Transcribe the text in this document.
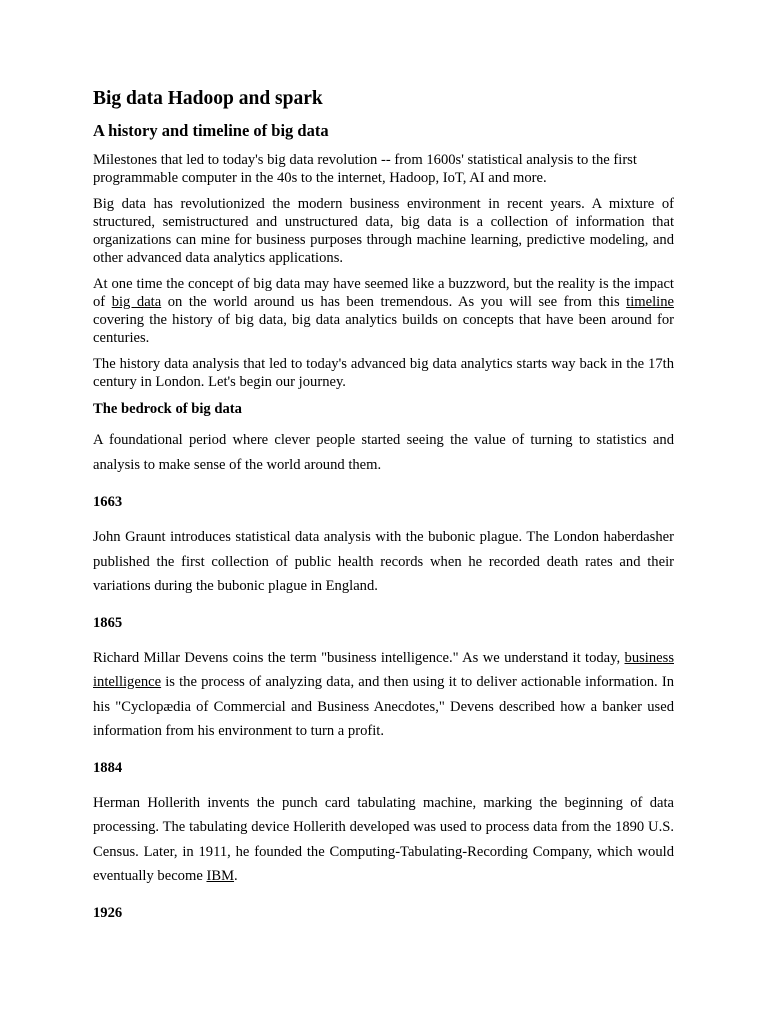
Big data Hadoop and spark
A history and timeline of big data

Milestones that led to today's big data revolution -- from 1600s' statistical analysis to the first programmable computer in the 40s to the internet, Hadoop, IoT, AI and more.

Big data has revolutionized the modern business environment in recent years. A mixture of structured, semistructured and unstructured data, big data is a collection of information that organizations can mine for business purposes through machine learning, predictive modeling, and other advanced data analytics applications.

At one time the concept of big data may have seemed like a buzzword, but the reality is the impact of big data on the world around us has been tremendous. As you will see from this timeline covering the history of big data, big data analytics builds on concepts that have been around for centuries.

The history data analysis that led to today's advanced big data analytics starts way back in the 17th century in London. Let's begin our journey.

The bedrock of big data

A foundational period where clever people started seeing the value of turning to statistics and analysis to make sense of the world around them.

1663

John Graunt introduces statistical data analysis with the bubonic plague. The London haberdasher published the first collection of public health records when he recorded death rates and their variations during the bubonic plague in England.

1865

Richard Millar Devens coins the term "business intelligence." As we understand it today, business intelligence is the process of analyzing data, and then using it to deliver actionable information. In his "Cyclopædia of Commercial and Business Anecdotes," Devens described how a banker used information from his environment to turn a profit.

1884

Herman Hollerith invents the punch card tabulating machine, marking the beginning of data processing. The tabulating device Hollerith developed was used to process data from the 1890 U.S. Census. Later, in 1911, he founded the Computing-Tabulating-Recording Company, which would eventually become IBM.

1926
